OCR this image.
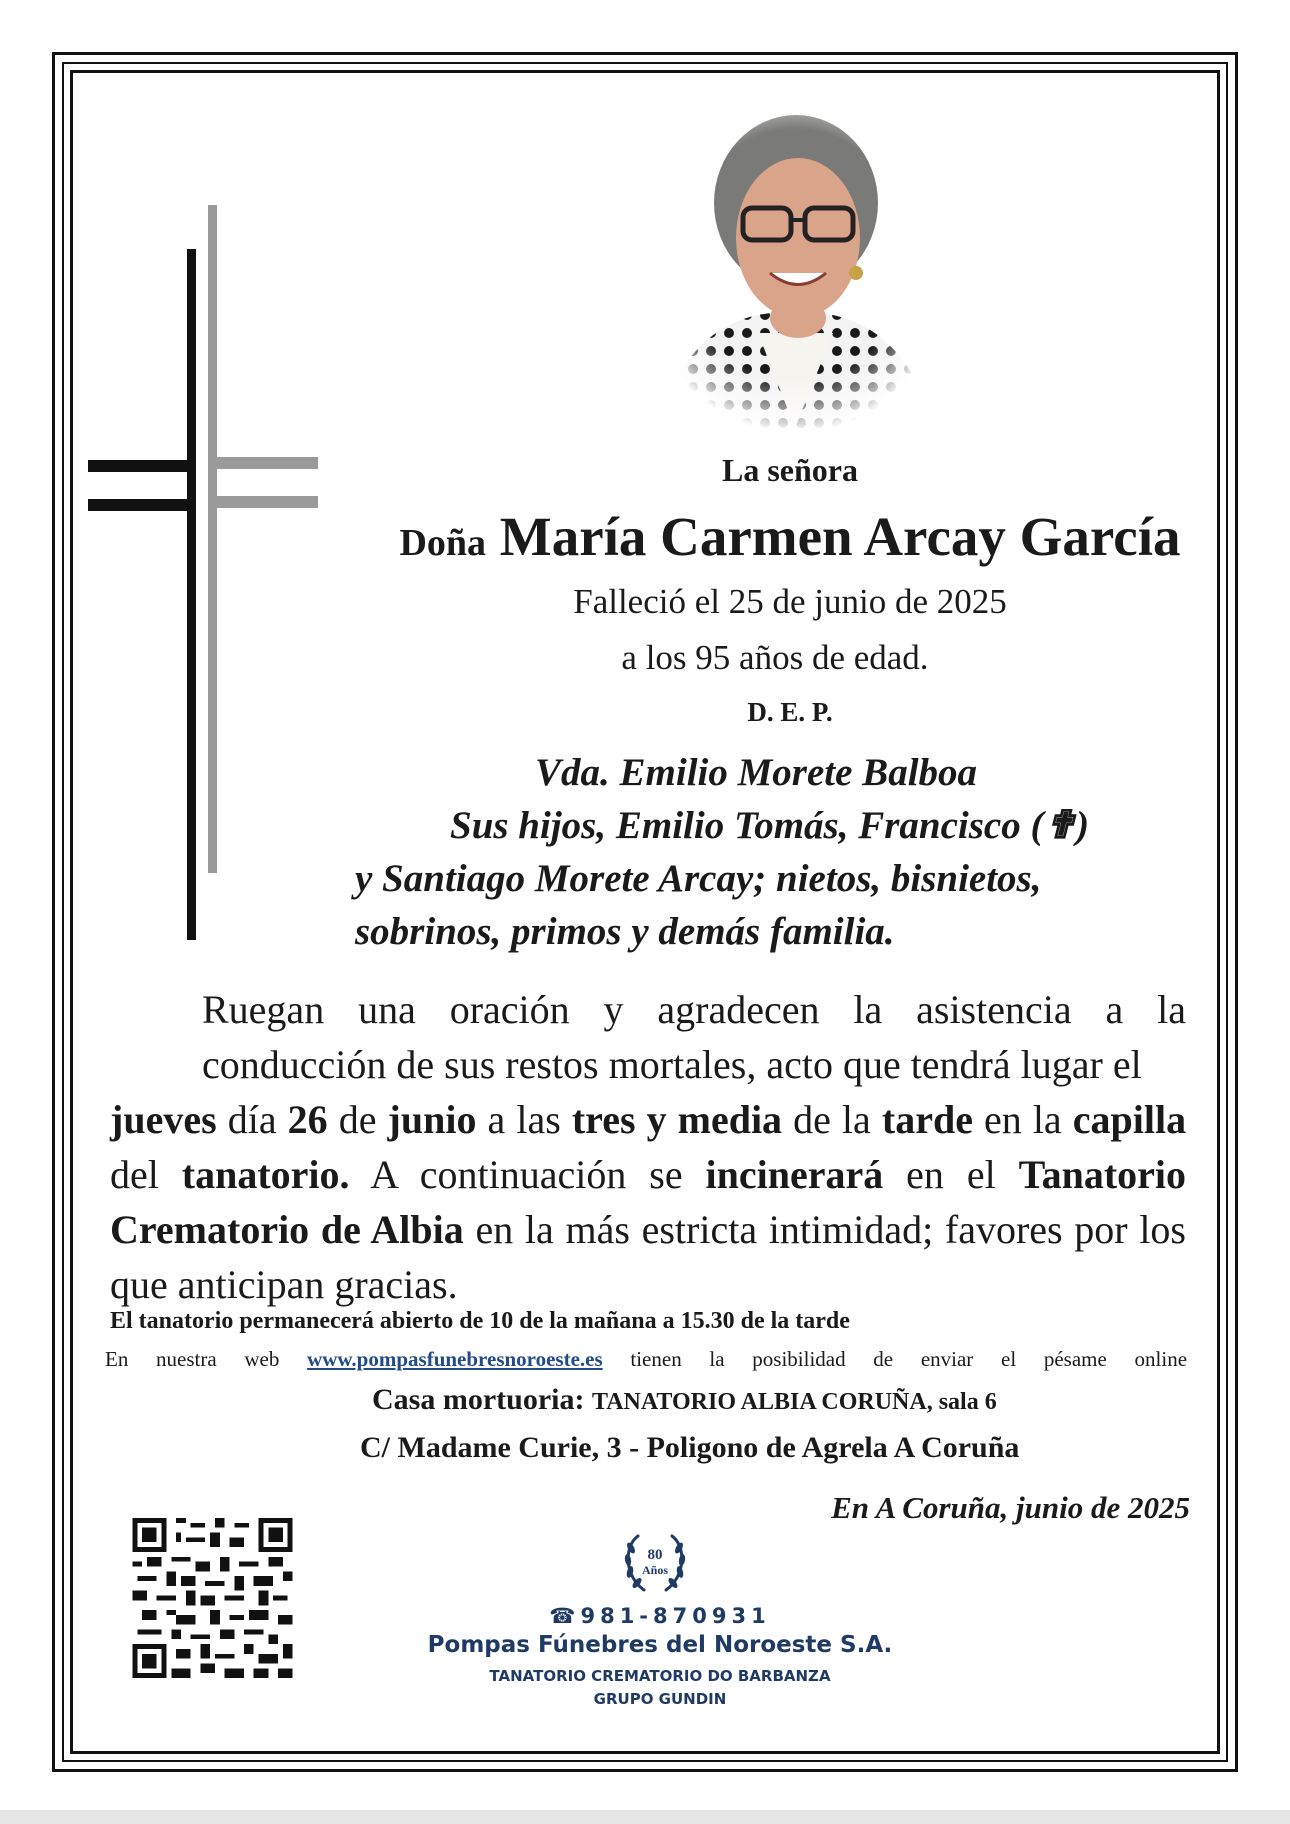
La señora
Doña María Carmen Arcay García
Falleció el 25 de junio de 2025
a los 95 años de edad.
D. E. P.
Vda. Emilio Morete Balboa
Sus hijos, Emilio Tomás, Francisco (✟)
y Santiago Morete Arcay; nietos, bisnietos,
sobrinos, primos y demás familia.
Ruegan una oración y agradecen la asistencia a la conducción de sus restos mortales, acto que tendrá lugar el jueves día 26 de junio a las tres y media de la tarde en la capilla del tanatorio. A continuación se incinerará en el Tanatorio Crematorio de Albia en la más estricta intimidad; favores por los que anticipan gracias.
El tanatorio permanecerá abierto de 10 de la mañana a 15.30 de la tarde
En nuestra web www.pompasfunebresnoroeste.es tienen la posibilidad de enviar el pésame online
Casa mortuoria: TANATORIO ALBIA CORUÑA, sala 6
C/ Madame Curie, 3 - Poligono de Agrela A Coruña
En A Coruña, junio de 2025
80
Años
☎981-870931
Pompas Fúnebres del Noroeste S.A.
TANATORIO CREMATORIO DO BARBANZA
GRUPO GUNDIN
